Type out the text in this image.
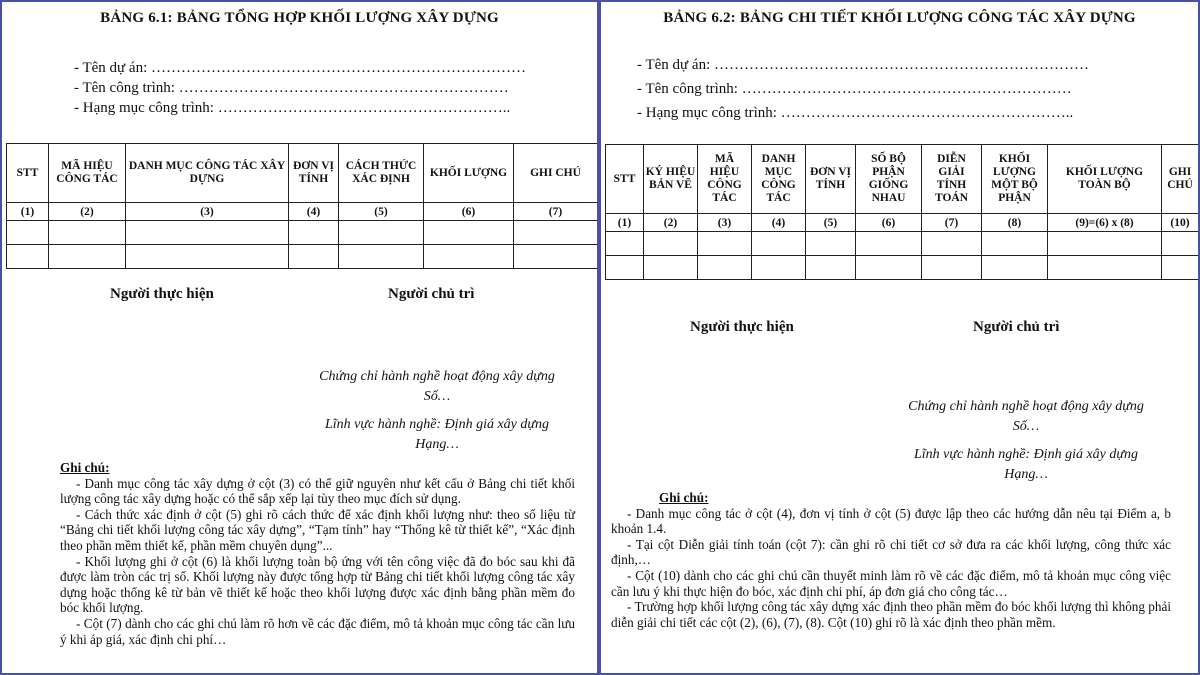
BẢNG 6.1: BẢNG TỔNG HỢP KHỐI LƯỢNG XÂY DỰNG
- Tên dự án: …………………………………………………………………
- Tên công trình: …………………………………………………………
- Hạng mục công trình: …………………………………………………..
STT	MÃ HIỆU CÔNG TÁC	DANH MỤC CÔNG TÁC XÂY DỰNG	ĐƠN VỊ TÍNH	CÁCH THỨC XÁC ĐỊNH	KHỐI LƯỢNG	GHI CHÚ
(1)	(2)	(3)	(4)	(5)	(6)	(7)

Người thực hiện	Người chủ trì

Chứng chỉ hành nghề hoạt động xây dựng

Số…

Lĩnh vực hành nghề: Định giá xây dựng

Hạng…

Ghi chú:

- Danh mục công tác xây dựng ở cột (3) có thể giữ nguyên như kết cấu ở Bảng chi tiết khối lượng công tác xây dựng hoặc có thể sắp xếp lại tùy theo mục đích sử dụng.

- Cách thức xác định ở cột (5) ghi rõ cách thức để xác định khối lượng như: theo số liệu từ “Bảng chi tiết khối lượng công tác xây dựng”, “Tạm tính” hay “Thống kê từ thiết kế”, “Xác định theo phần mềm thiết kế, phần mềm chuyên dụng”...

- Khối lượng ghi ở cột (6) là khối lượng toàn bộ ứng với tên công việc đã đo bóc sau khi đã được làm tròn các trị số. Khối lượng này được tổng hợp từ Bảng chi tiết khối lượng công tác xây dựng hoặc thống kê từ bản vẽ thiết kế hoặc theo khối lượng được xác định bằng phần mềm đo bóc khối lượng.

- Cột (7) dành cho các ghi chú làm rõ hơn về các đặc điểm, mô tả khoản mục công tác cần lưu ý khi áp giá, xác định chi phí…

BẢNG 6.2: BẢNG CHI TIẾT KHỐI LƯỢNG CÔNG TÁC XÂY DỰNG
- Tên dự án: …………………………………………………………………
- Tên công trình: …………………………………………………………
- Hạng mục công trình: …………………………………………………..
STT	KÝ HIỆU BẢN VẼ	MÃ HIỆU CÔNG TÁC	DANH MỤC CÔNG TÁC	ĐƠN VỊ TÍNH	SỐ BỘ PHẬN GIỐNG NHAU	DIỄN GIẢI TÍNH TOÁN	KHỐI LƯỢNG MỘT BỘ PHẬN	KHỐI LƯỢNG TOÀN BỘ	GHI CHÚ
(1)	(2)	(3)	(4)	(5)	(6)	(7)	(8)	(9)=(6) x (8)	(10)

Người thực hiện	Người chủ trì

Chứng chỉ hành nghề hoạt động xây dựng

Số…

Lĩnh vực hành nghề: Định giá xây dựng

Hạng…

Ghi chú:

- Danh mục công tác ở cột (4), đơn vị tính ở cột (5) được lập theo các hướng dẫn nêu tại Điểm a, b khoản 1.4.

- Tại cột Diễn giải tính toán (cột 7): cần ghi rõ chi tiết cơ sở đưa ra các khối lượng, công thức xác định,…

- Cột (10) dành cho các ghi chú cần thuyết minh làm rõ về các đặc điểm, mô tả khoản mục công việc cần lưu ý khi thực hiện đo bóc, xác định chi phí, áp đơn giá cho công tác…

- Trường hợp khối lượng công tác xây dựng xác định theo phần mềm đo bóc khối lượng thì không phải diễn giải chi tiết các cột (2), (6), (7), (8). Cột (10) ghi rõ là xác định theo phần mềm.
